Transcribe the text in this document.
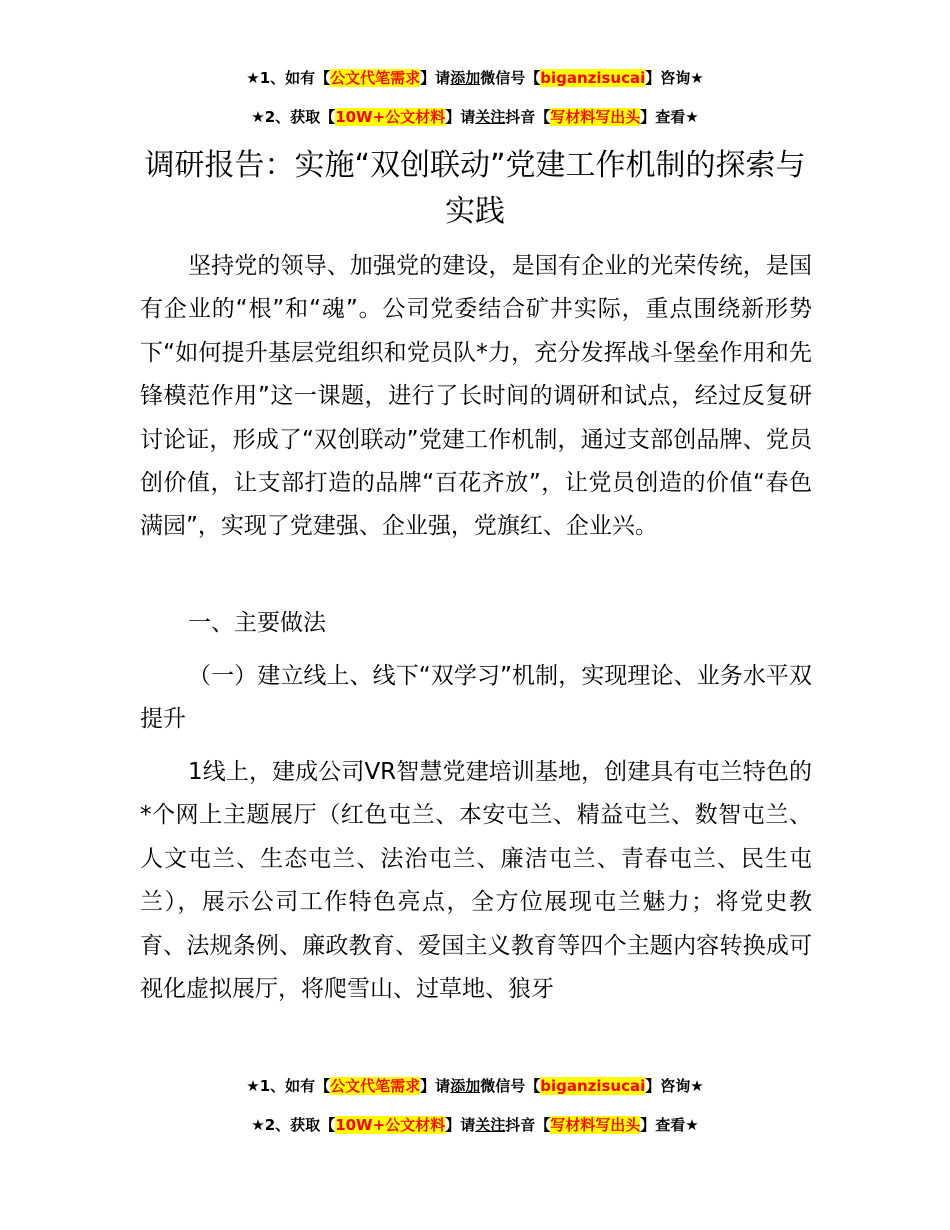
★1、如有【公文代笔需求】请添加微信号【biganzisucai】咨询★
★2、获取【10W+公文材料】请关注抖音【写材料写出头】查看★
调研报告：实施“双创联动”党建工作机制的探索与实践

坚持党的领导、加强党的建设，是国有企业的光荣传统，是国有企业的“根”和“魂”。公司党委结合矿井实际，重点围绕新形势下“如何提升基层党组织和党员队*力，充分发挥战斗堡垒作用和先锋模范作用”这一课题，进行了长时间的调研和试点，经过反复研讨论证，形成了“双创联动”党建工作机制，通过支部创品牌、党员创价值，让支部打造的品牌“百花齐放”，让党员创造的价值“春色满园”，实现了党建强、企业强，党旗红、企业兴。

一、主要做法

（一）建立线上、线下“双学习”机制，实现理论、业务水平双提升

1线上，建成公司VR智慧党建培训基地，创建具有屯兰特色的*个网上主题展厅（红色屯兰、本安屯兰、精益屯兰、数智屯兰、人文屯兰、生态屯兰、法治屯兰、廉洁屯兰、青春屯兰、民生屯兰），展示公司工作特色亮点，全方位展现屯兰魅力；将党史教育、法规条例、廉政教育、爱国主义教育等四个主题内容转换成可视化虚拟展厅，将爬雪山、过草地、狼牙

★1、如有【公文代笔需求】请添加微信号【biganzisucai】咨询★
★2、获取【10W+公文材料】请关注抖音【写材料写出头】查看★
